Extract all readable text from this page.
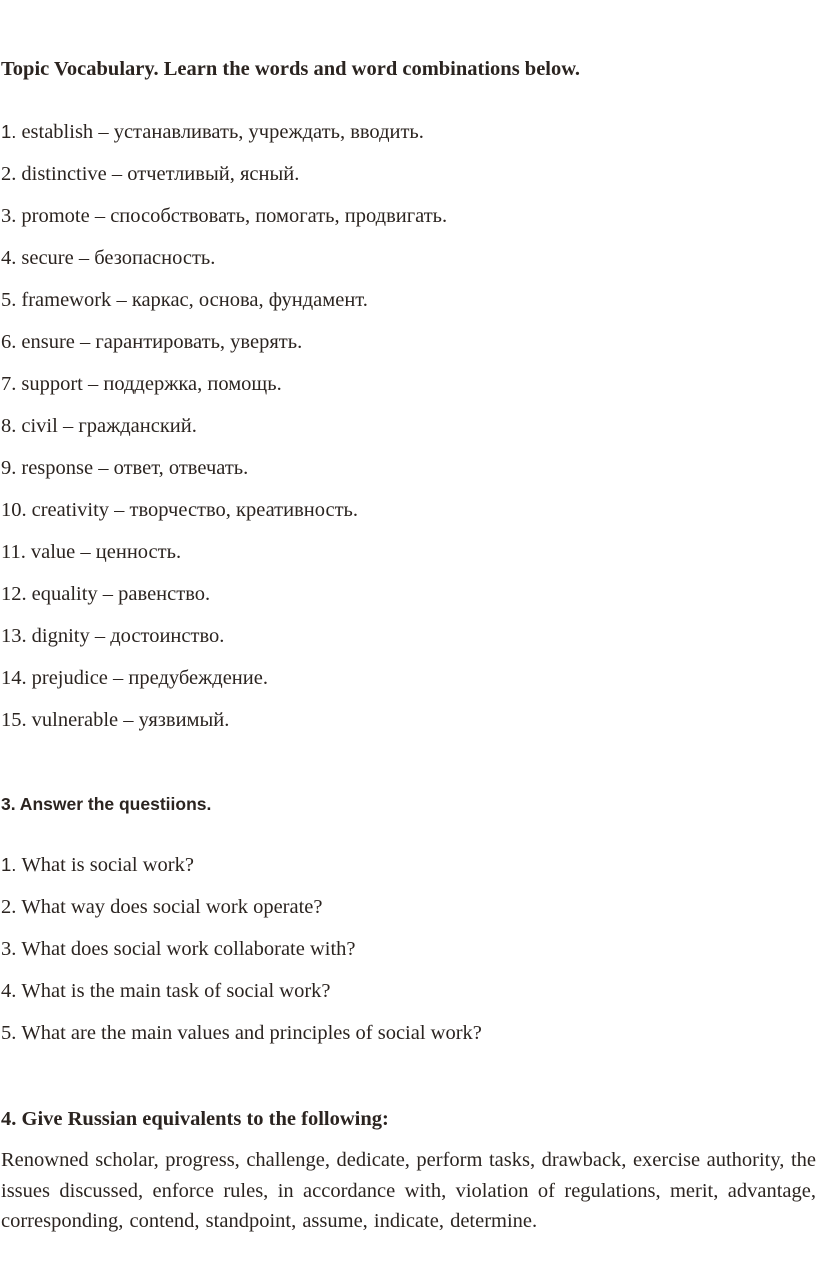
Topic Vocabulary. Learn the words and word combinations below.
1. establish – устанавливать, учреждать, вводить.
2. distinctive – отчетливый, ясный.
3. promote – способствовать, помогать, продвигать.
4. secure – безопасность.
5. framework – каркас, основа, фундамент.
6. ensure – гарантировать, уверять.
7. support – поддержка, помощь.
8. civil – гражданский.
9. response – ответ, отвечать.
10. creativity – творчество, креативность.
11. value – ценность.
12. equality – равенство.
13. dignity – достоинство.
14. prejudice – предубеждение.
15. vulnerable – уязвимый.
3. Answer the questiions.
1. What is social work?
2. What way does social work operate?
3. What does social work collaborate with?
4. What is the main task of social work?
5. What are the main values and principles of social work?
4. Give Russian equivalents to the following:

Renowned scholar, progress, challenge, dedicate, perform tasks, drawback, exercise authority, the issues discussed, enforce rules, in accordance with, violation of regulations, merit, advantage, corresponding, contend, standpoint, assume, indicate, determine.
